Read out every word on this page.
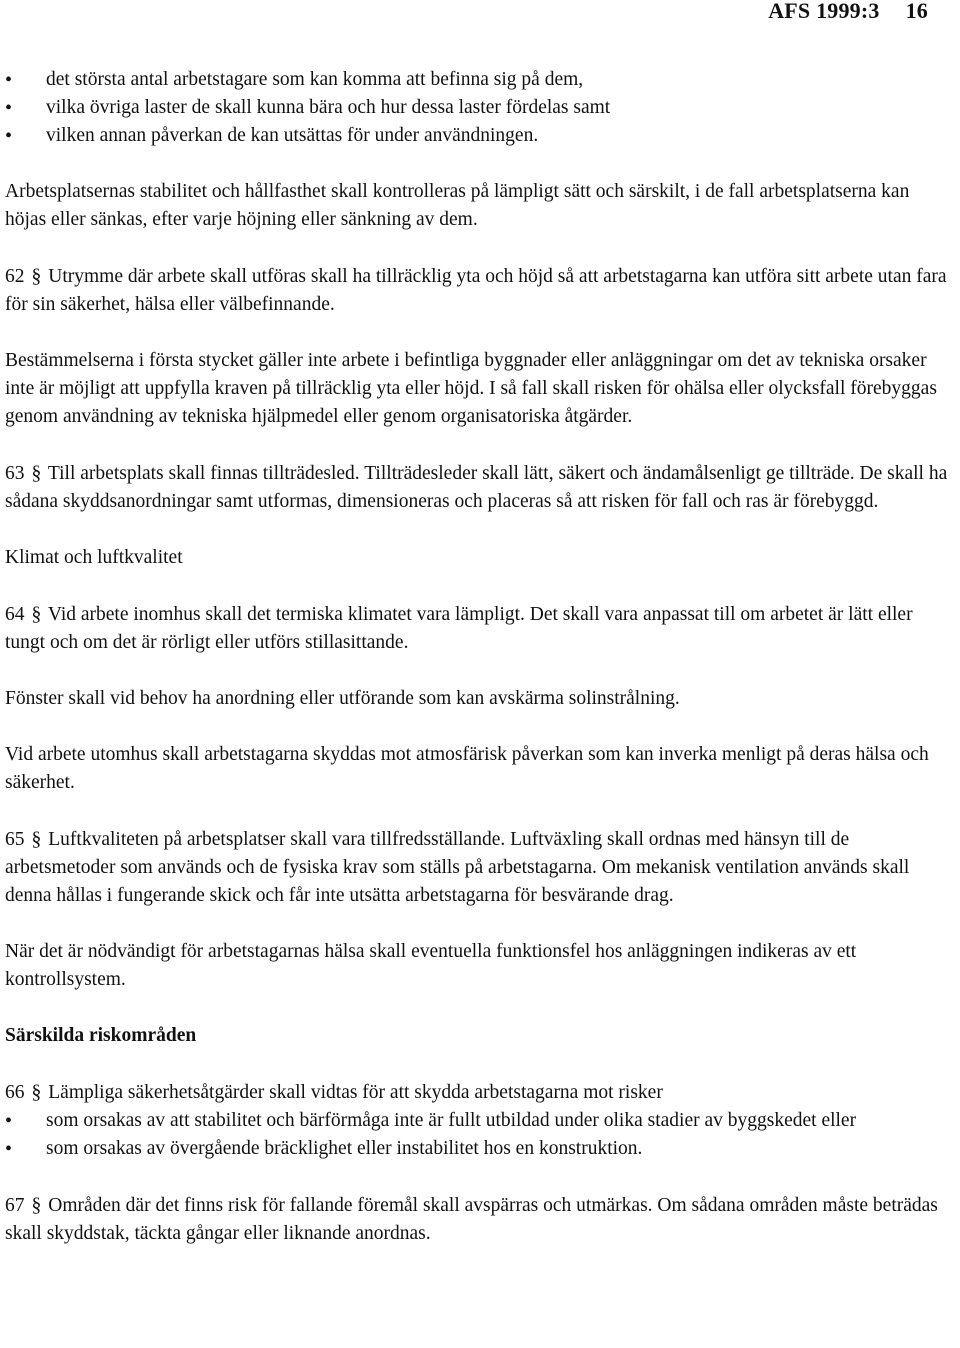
AFS 1999:3 16
• det största antal arbetstagare som kan komma att befinna sig på dem,
• vilka övriga laster de skall kunna bära och hur dessa laster fördelas samt
• vilken annan påverkan de kan utsättas för under användningen.

Arbetsplatsernas stabilitet och hållfasthet skall kontrolleras på lämpligt sätt och särskilt, i de fall arbetsplatserna kan höjas eller sänkas, efter varje höjning eller sänkning av dem.

62 § Utrymme där arbete skall utföras skall ha tillräcklig yta och höjd så att arbetstagarna kan utföra sitt arbete utan fara för sin säkerhet, hälsa eller välbefinnande.

Bestämmelserna i första stycket gäller inte arbete i befintliga byggnader eller anläggningar om det av tekniska orsaker inte är möjligt att uppfylla kraven på tillräcklig yta eller höjd. I så fall skall risken för ohälsa eller olycksfall förebyggas genom användning av tekniska hjälpmedel eller genom organisatoriska åtgärder.

63 § Till arbetsplats skall finnas tillträdesled. Tillträdesleder skall lätt, säkert och ändamålsenligt ge tillträde. De skall ha sådana skyddsanordningar samt utformas, dimensioneras och placeras så att risken för fall och ras är förebyggd.

Klimat och luftkvalitet

64 § Vid arbete inomhus skall det termiska klimatet vara lämpligt. Det skall vara anpassat till om arbetet är lätt eller tungt och om det är rörligt eller utförs stillasittande.

Fönster skall vid behov ha anordning eller utförande som kan avskärma solinstrålning.

Vid arbete utomhus skall arbetstagarna skyddas mot atmosfärisk påverkan som kan inverka menligt på deras hälsa och säkerhet.

65 § Luftkvaliteten på arbetsplatser skall vara tillfredsställande. Luftväxling skall ordnas med hänsyn till de arbetsmetoder som används och de fysiska krav som ställs på arbetstagarna. Om mekanisk ventilation används skall denna hållas i fungerande skick och får inte utsätta arbetstagarna för besvärande drag.

När det är nödvändigt för arbetstagarnas hälsa skall eventuella funktionsfel hos anläggningen indikeras av ett kontrollsystem.

Särskilda riskområden

66 § Lämpliga säkerhetsåtgärder skall vidtas för att skydda arbetstagarna mot risker

• som orsakas av att stabilitet och bärförmåga inte är fullt utbildad under olika stadier av byggskedet eller
• som orsakas av övergående bräcklighet eller instabilitet hos en konstruktion.

67 § Områden där det finns risk för fallande föremål skall avspärras och utmärkas. Om sådana områden måste beträdas skall skyddstak, täckta gångar eller liknande anordnas.
